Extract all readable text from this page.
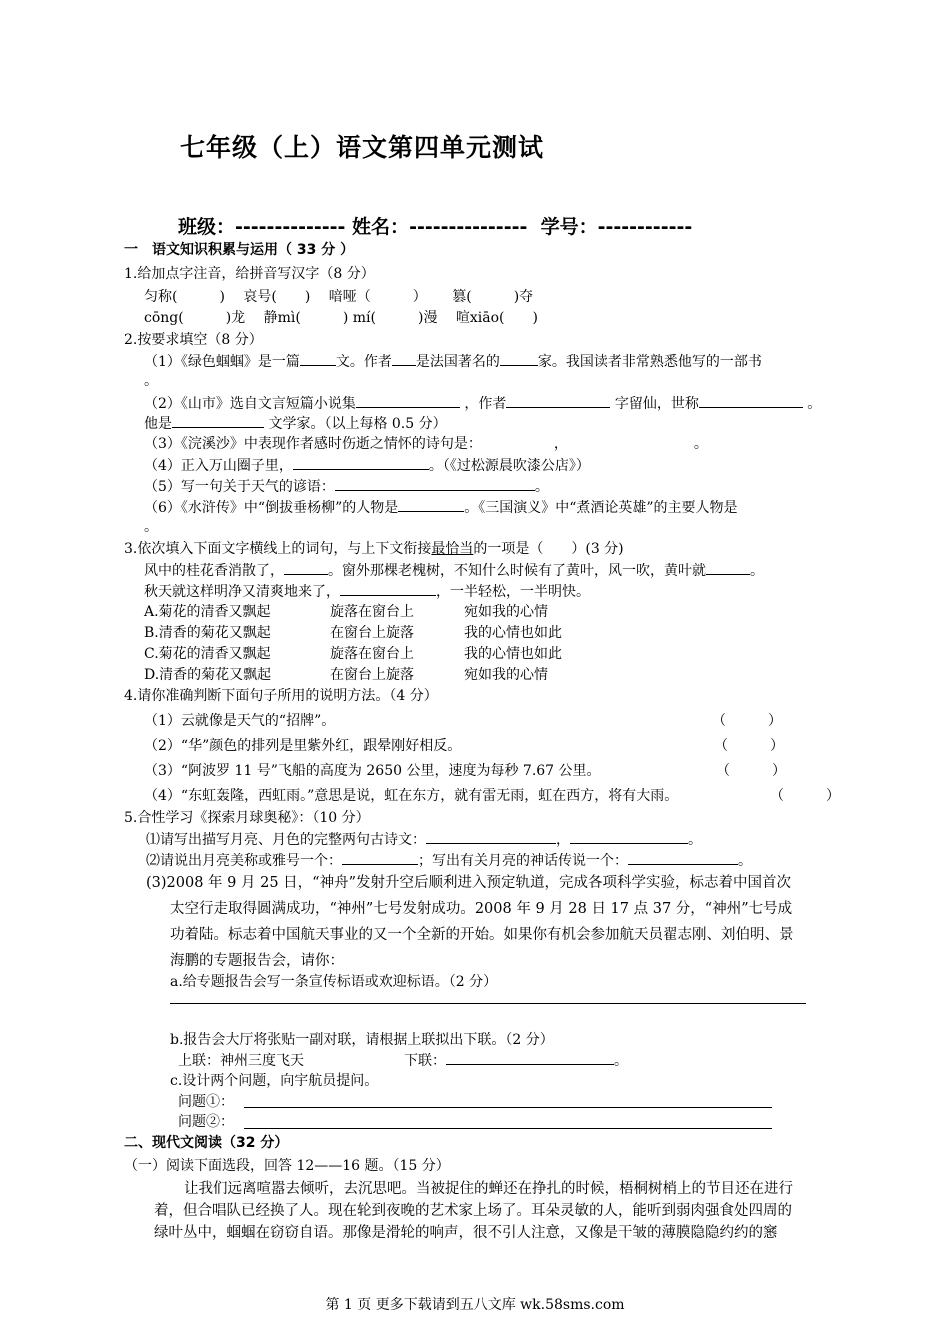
七年级（上）语文第四单元测试
班级：-------------- 姓名：--------------- 学号：------------
一　语文知识积累与运用（ 33 分 ）
1.给加点字注音，给拼音写汉字（8 分）
匀称(　　　)　 哀号(　　)　 喑哑（　　　）　　 篡(　　　)夺
cōng(　　　)龙　 静mì(　　　) mí(　　　)漫　 喧xiāo(　　)
2.按要求填空（8 分）
（1）《绿色蝈蝈》是一篇	文。作者 是法国著名的	家。我国读者非常熟悉他写的一部书
。
（2）《山市》选自文言短篇小说集	，作者	字留仙，世称	。
他是	文学家。（以上每格 0.5 分）
（3）《浣溪沙》中表现作者感时伤逝之情怀的诗句是：	，	。
（4）正入万山圈子里，	。（《过松源晨吹漆公店》）
（5）写一句关于天气的谚语：	。
（6）《水浒传》中“倒拔垂杨柳”的人物是	。《三国演义》中“煮酒论英雄”的主要人物是
。
3.依次填入下面文字横线上的词句，与上下文衔接最恰当的一项是（　　）(3 分)
风中的桂花香消散了，	。窗外那棵老槐树，不知什么时候有了黄叶，风一吹，黄叶就	。
秋天就这样明净又清爽地来了，	，一半轻松，一半明快。
A.菊花的清香又飘起	旋落在窗台上	宛如我的心情
B.清香的菊花又飘起	在窗台上旋落	我的心情也如此
C.菊花的清香又飘起	旋落在窗台上	我的心情也如此
D.清香的菊花又飘起	在窗台上旋落	宛如我的心情
4.请你准确判断下面句子所用的说明方法。（4 分）
（1）云就像是天气的“招牌”。	（　　　）
（2）“华”颜色的排列是里紫外红，跟晕刚好相反。	（　　　）
（3）“阿波罗 11 号”飞船的高度为 2650 公里，速度为每秒 7.67 公里。	（　　　）
（4）“东虹轰隆，西虹雨。”意思是说，虹在东方，就有雷无雨，虹在西方，将有大雨。	（　　　）
5.合性学习《探索月球奥秘》：（10 分）
⑴请写出描写月亮、月色的完整两句古诗文：	，	。
⑵请说出月亮美称或雅号一个：	；写出有关月亮的神话传说一个：	。
(3)2008 年 9 月 25 日，“神舟”发射升空后顺利进入预定轨道，完成各项科学实验，标志着中国首次
太空行走取得圆满成功，“神州”七号发射成功。2008 年 9 月 28 日 17 点 37 分，“神州”七号成
功着陆。标志着中国航天事业的又一个全新的开始。如果你有机会参加航天员翟志刚、刘伯明、景
海鹏的专题报告会，请你：
a.给专题报告会写一条宣传标语或欢迎标语。（2 分）
b.报告会大厅将张贴一副对联，请根据上联拟出下联。（2 分）
上联：神州三度飞天	下联：	。
c.设计两个问题，向宇航员提问。
问题①：
问题②：
二、现代文阅读（32 分）
（一）阅读下面选段，回答 12——16 题。（15 分）
让我们远离喧嚣去倾听，去沉思吧。当被捉住的蝉还在挣扎的时候，梧桐树梢上的节目还在进行
着，但合唱队已经换了人。现在轮到夜晚的艺术家上场了。耳朵灵敏的人，能听到弱肉强食处四周的
绿叶丛中，蝈蝈在窃窃自语。那像是滑轮的响声，很不引人注意，又像是干皱的薄膜隐隐约约的窸
第 1 页 更多下载请到五八文库 wk.58sms.com
